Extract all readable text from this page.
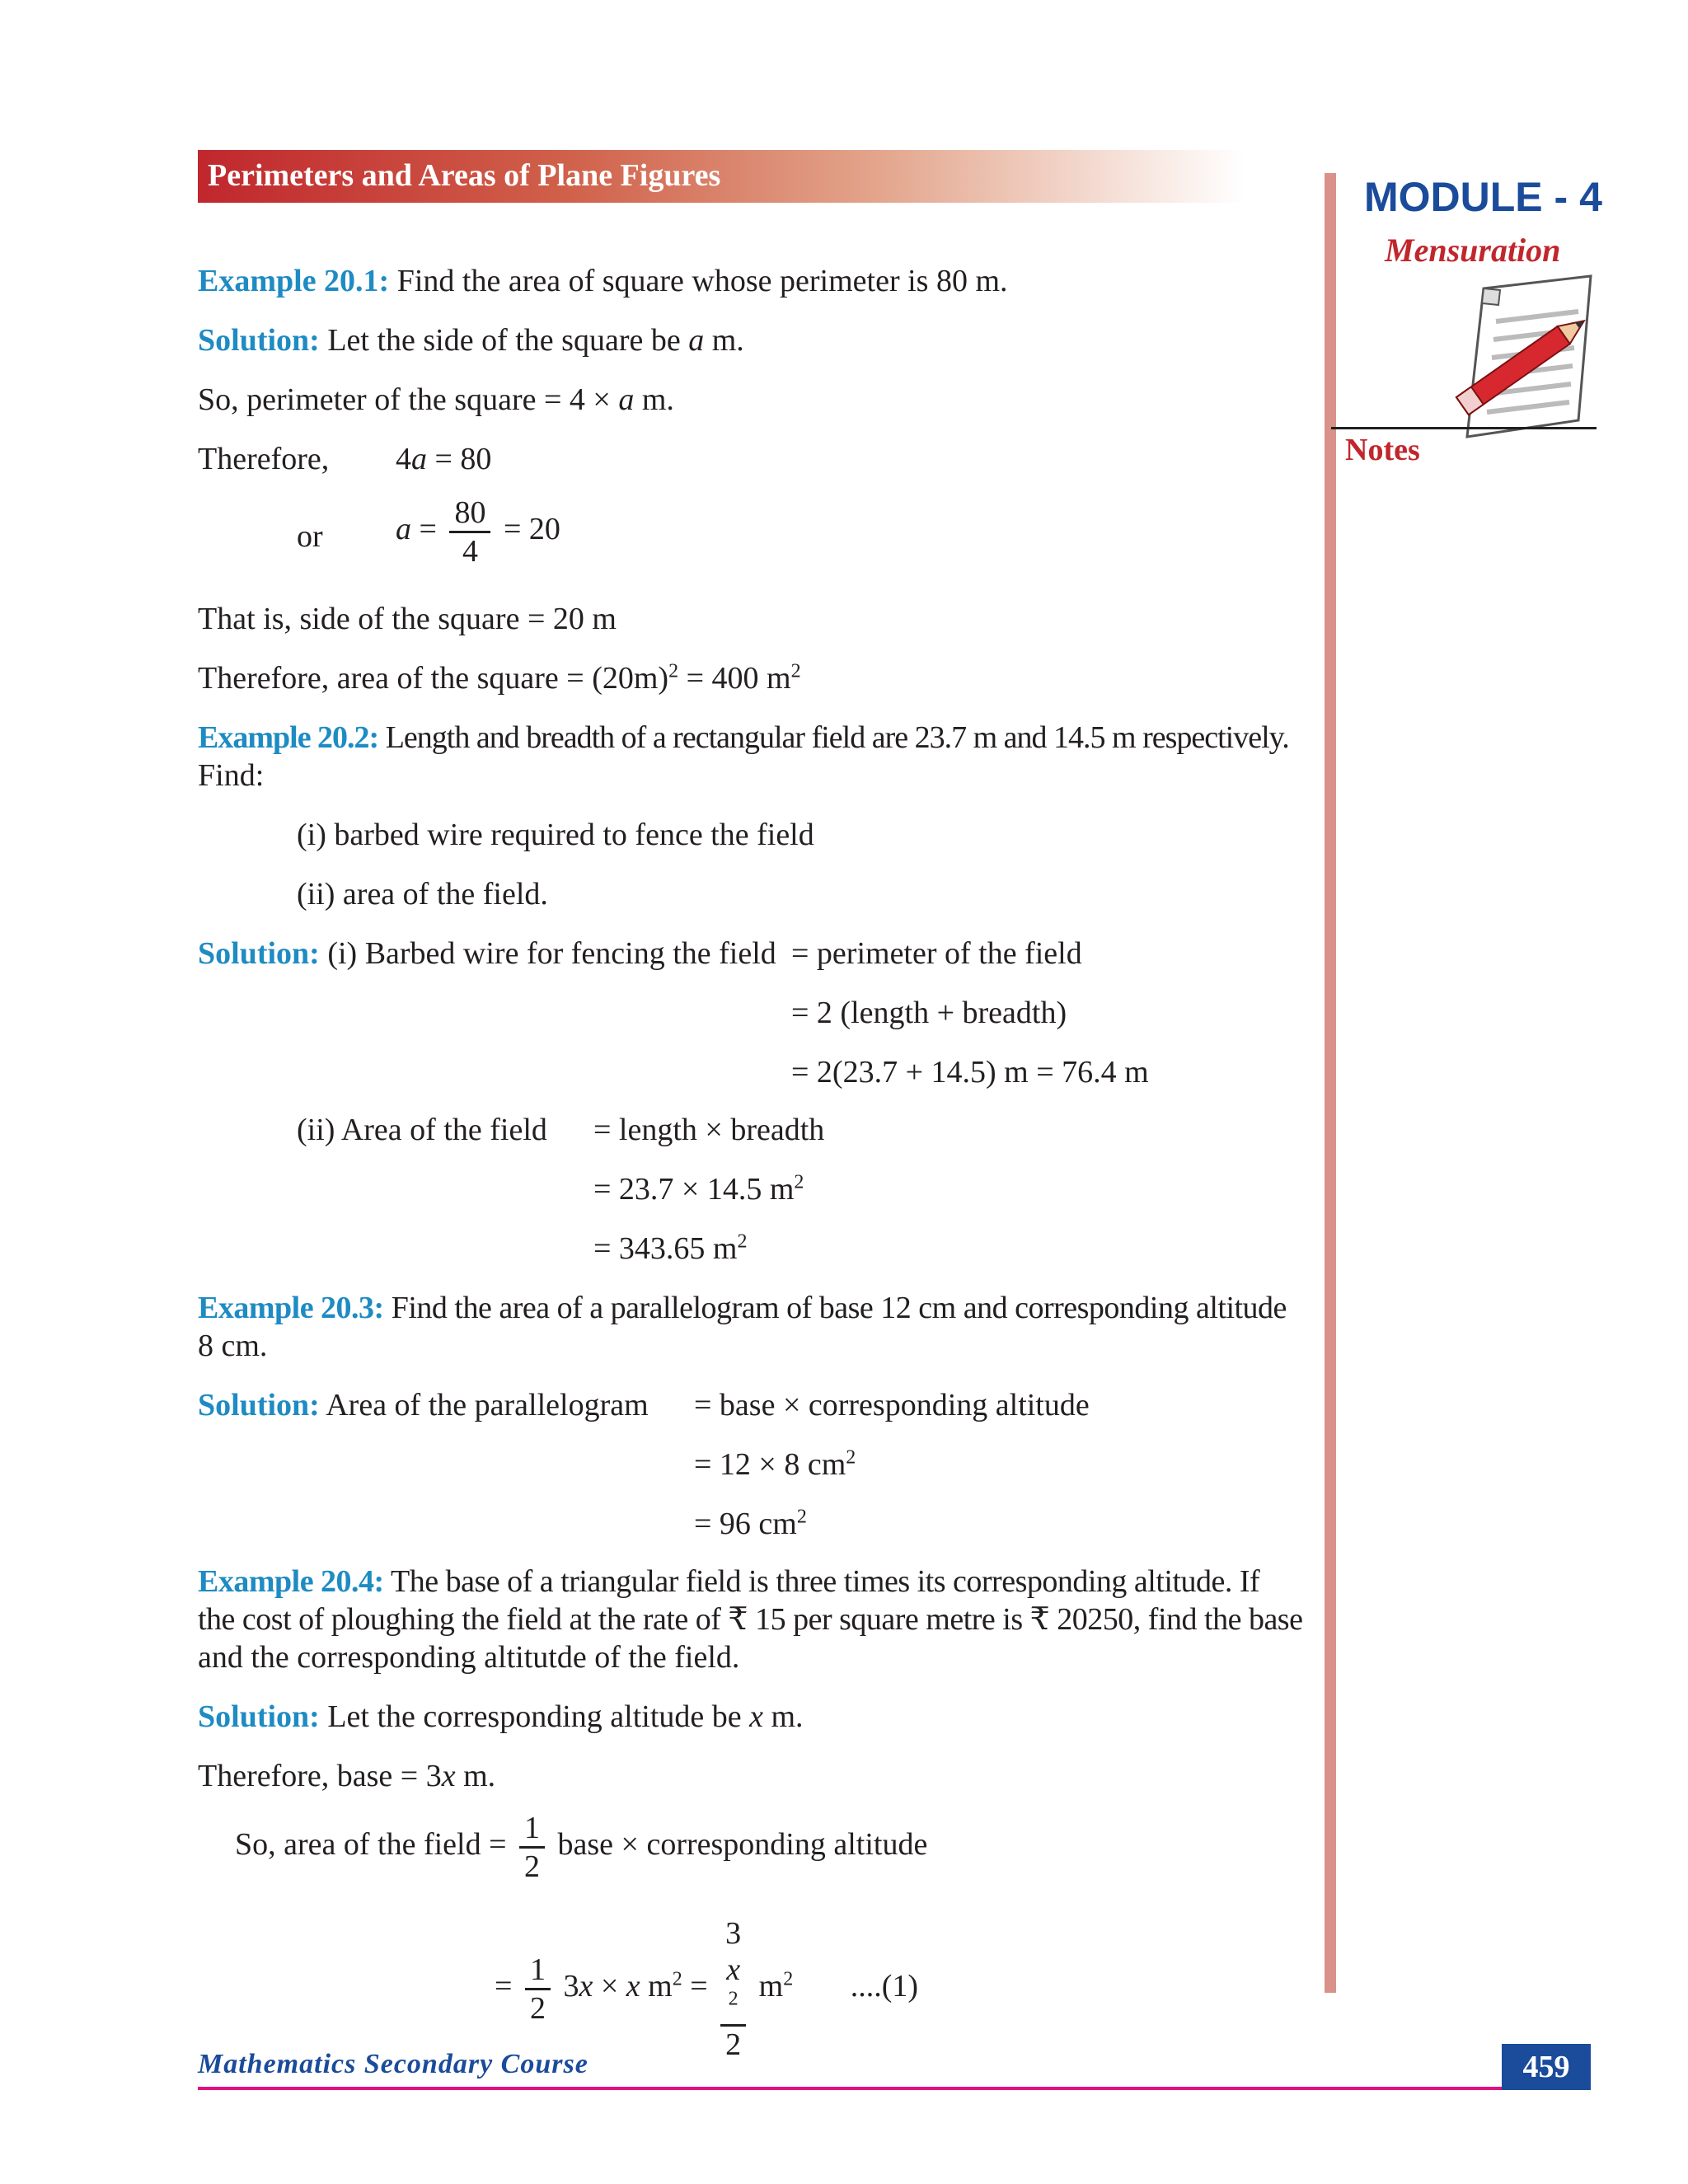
Perimeters and Areas of Plane Figures	MODULE - 4
Mensuration
Notes
Example 20.1: Find the area of square whose perimeter is 80 m.
Solution: Let the side of the square be a m.
So, perimeter of the square = 4 × a m.
Therefore, 4a = 80
or $a = \frac{80}{4} = 20$
That is, side of the square = 20 m
Therefore, area of the square = $(20m)^2 = 400$ $m^2$
Example 20.2: Length and breadth of a rectangular field are 23.7 m and 14.5 m respectively.
Find:
(i) barbed wire required to fence the field
(ii) area of the field.
Solution: (i) Barbed wire for fencing the field = perimeter of the field
= 2 (length + breadth)
= 2(23.7 + 14.5) m = 76.4 m
(ii) Area of the field = length × breadth
= 23.7 × 14.5 $m^2$
= 343.65 $m^2$
Example 20.3: Find the area of a parallelogram of base 12 cm and corresponding altitude
8 cm.
Solution: Area of the parallelogram = base × corresponding altitude
= 12 × 8 $cm^2$
= 96 $cm^2$
Example 20.4: The base of a triangular field is three times its corresponding altitude. If
the cost of ploughing the field at the rate of ₹ 15 per square metre is ₹ 20250, find the base
and the corresponding altitutde of the field.
Solution: Let the corresponding altitude be x m.
Therefore, base = 3x m.
So, area of the field = $\frac{1}{2}$ base × corresponding altitude
= $\frac{1}{2} 3x \times x$ $m^2 = 3$
x
$^2$
2 $m^2$ ....(1)
Mathematics Secondary Course	459
